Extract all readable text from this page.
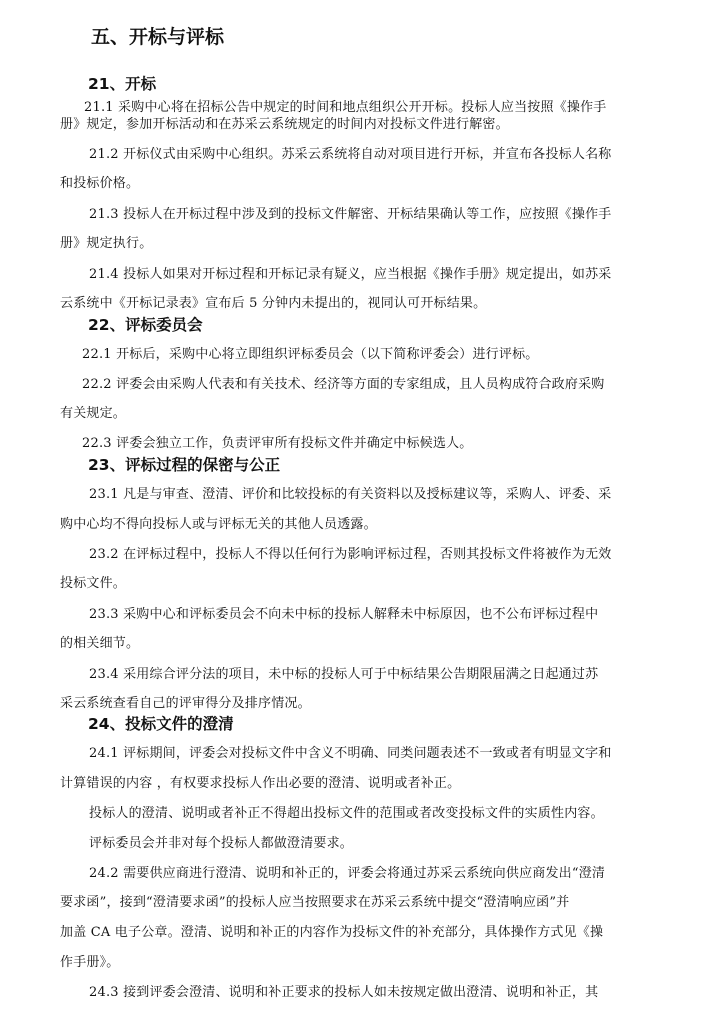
五、开标与评标
21、开标
21.1 采购中心将在招标公告中规定的时间和地点组织公开开标。投标人应当按照《操作手
册》规定，参加开标活动和在苏采云系统规定的时间内对投标文件进行解密。
21.2 开标仪式由采购中心组织。苏采云系统将自动对项目进行开标，并宣布各投标人名称
和投标价格。
21.3 投标人在开标过程中涉及到的投标文件解密、开标结果确认等工作，应按照《操作手
册》规定执行。
21.4 投标人如果对开标过程和开标记录有疑义，应当根据《操作手册》规定提出，如苏采
云系统中《开标记录表》宣布后 5 分钟内未提出的，视同认可开标结果。
22、评标委员会
22.1 开标后，采购中心将立即组织评标委员会（以下简称评委会）进行评标。
22.2 评委会由采购人代表和有关技术、经济等方面的专家组成，且人员构成符合政府采购
有关规定。
22.3 评委会独立工作，负责评审所有投标文件并确定中标候选人。
23、评标过程的保密与公正
23.1 凡是与审查、澄清、评价和比较投标的有关资料以及授标建议等，采购人、评委、采
购中心均不得向投标人或与评标无关的其他人员透露。
23.2 在评标过程中，投标人不得以任何行为影响评标过程，否则其投标文件将被作为无效
投标文件。
23.3 采购中心和评标委员会不向未中标的投标人解释未中标原因，也不公布评标过程中
的相关细节。
23.4 采用综合评分法的项目，未中标的投标人可于中标结果公告期限届满之日起通过苏
采云系统查看自己的评审得分及排序情况。
24、投标文件的澄清
24.1 评标期间，评委会对投标文件中含义不明确、同类问题表述不一致或者有明显文字和
计算错误的内容 ，有权要求投标人作出必要的澄清、说明或者补正。
投标人的澄清、说明或者补正不得超出投标文件的范围或者改变投标文件的实质性内容。
评标委员会并非对每个投标人都做澄清要求。
24.2 需要供应商进行澄清、说明和补正的，评委会将通过苏采云系统向供应商发出“澄清
要求函”，接到“澄清要求函”的投标人应当按照要求在苏采云系统中提交“澄清响应函”并
加盖 CA 电子公章。澄清、说明和补正的内容作为投标文件的补充部分，具体操作方式见《操
作手册》。
24.3 接到评委会澄清、说明和补正要求的投标人如未按规定做出澄清、说明和补正，其
